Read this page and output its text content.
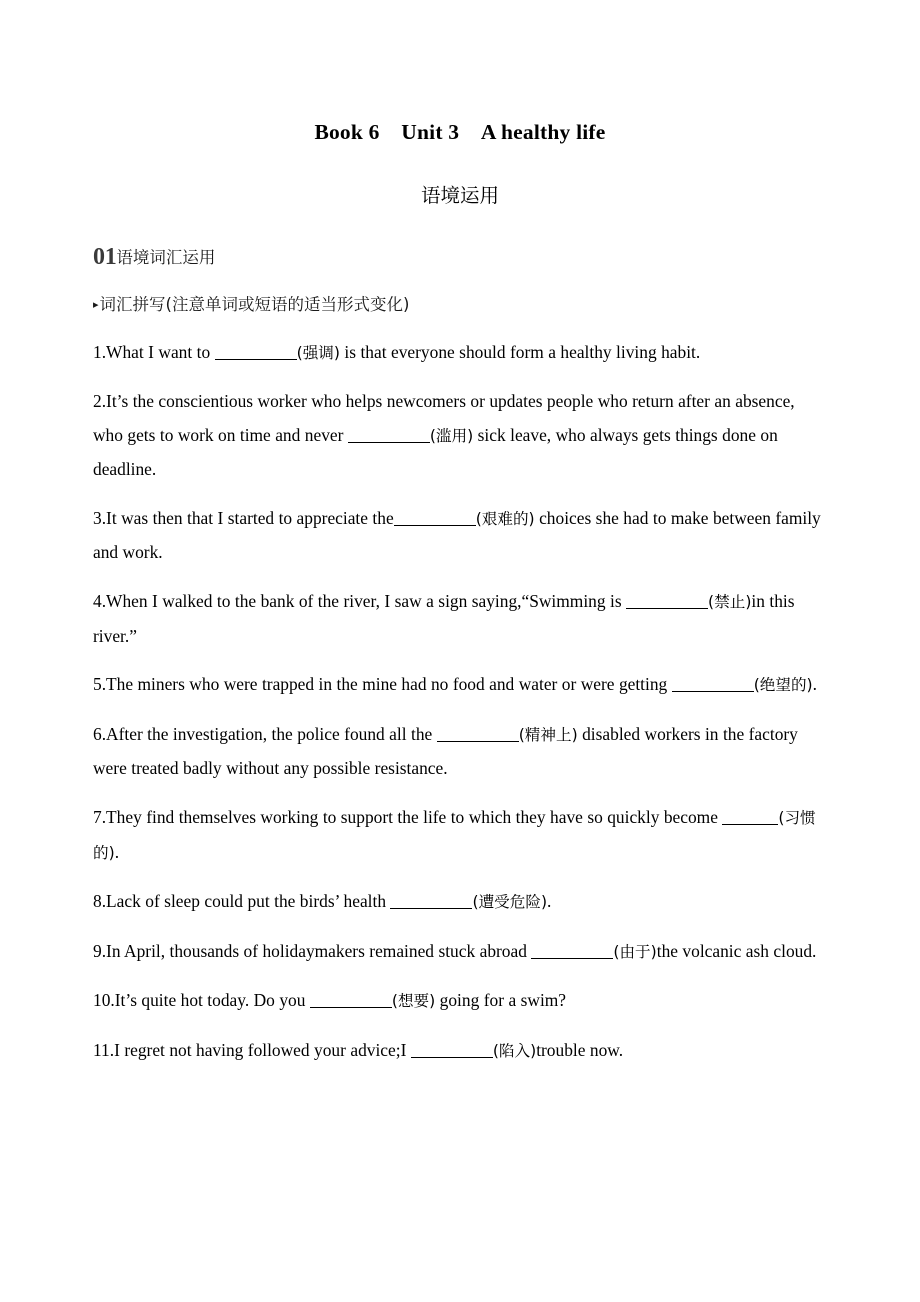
Book 6　Unit 3　A healthy life
语境运用
01语境词汇运用
▸词汇拼写(注意单词或短语的适当形式变化)
1.What I want to	(强调) is that everyone should form a healthy living habit.
2.It’s the conscientious worker who helps newcomers or updates people who return after an absence, who gets to work on time and never	(滥用) sick leave, who always gets things done on deadline.
3.It was then that I started to appreciate the	(艰难的) choices she had to make between family and work.
4.When I walked to the bank of the river, I saw a sign saying,“Swimming is	(禁止)in this river.”
5.The miners who were trapped in the mine had no food and water or were getting	(绝望的).
6.After the investigation, the police found all the	(精神上) disabled workers in the factory were treated badly without any possible resistance.
7.They find themselves working to support the life to which they have so quickly become	(习惯的).
8.Lack of sleep could put the birds’ health	(遭受危险).
9.In April, thousands of holidaymakers remained stuck abroad	(由于)the volcanic ash cloud.
10.It’s quite hot today. Do you	(想要) going for a swim?
11.I regret not having followed your advice;I	(陷入)trouble now.
